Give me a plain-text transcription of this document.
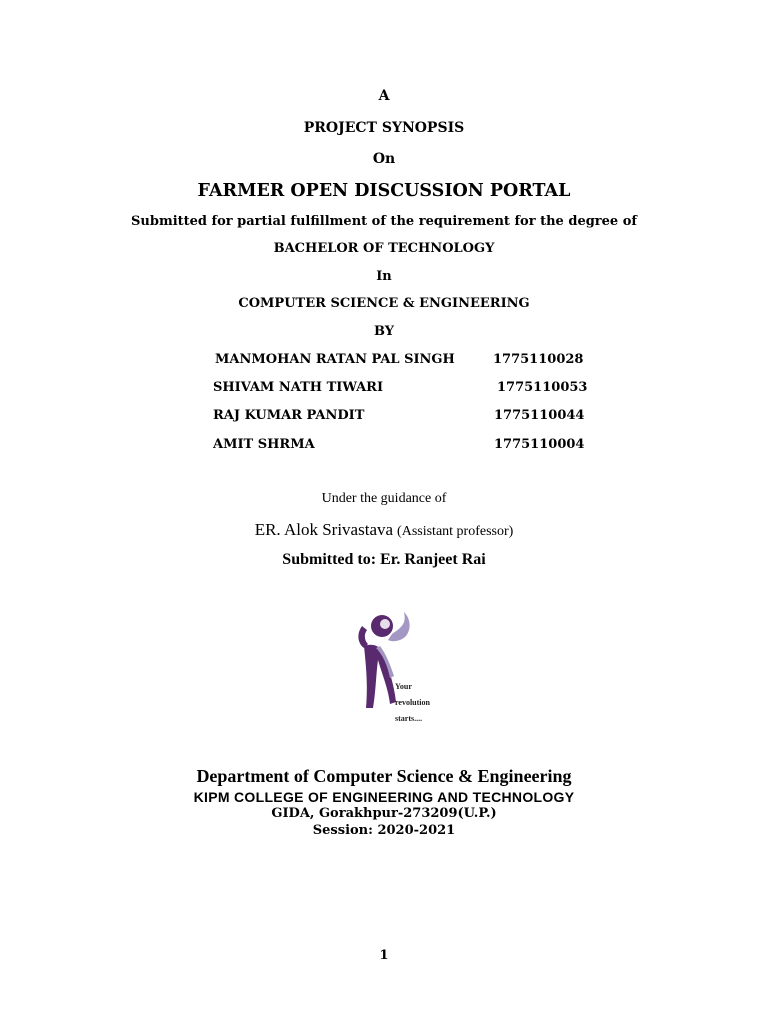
A
PROJECT SYNOPSIS
On
FARMER OPEN DISCUSSION PORTAL
Submitted for partial fulfillment of the requirement for the degree of
BACHELOR OF TECHNOLOGY
In
COMPUTER SCIENCE & ENGINEERING
BY
MANMOHAN RATAN PAL SINGH	1775110028
SHIVAM NATH TIWARI	1775110053
RAJ KUMAR PANDIT	1775110044
AMIT SHRMA	1775110004
Under the guidance of
ER. Alok Srivastava (Assistant professor)
Submitted to: Er. Ranjeet Rai
Your
revolution
starts....
Department of Computer Science & Engineering
KIPM COLLEGE OF ENGINEERING AND TECHNOLOGY
GIDA, Gorakhpur-273209(U.P.)
Session: 2020-2021
1
